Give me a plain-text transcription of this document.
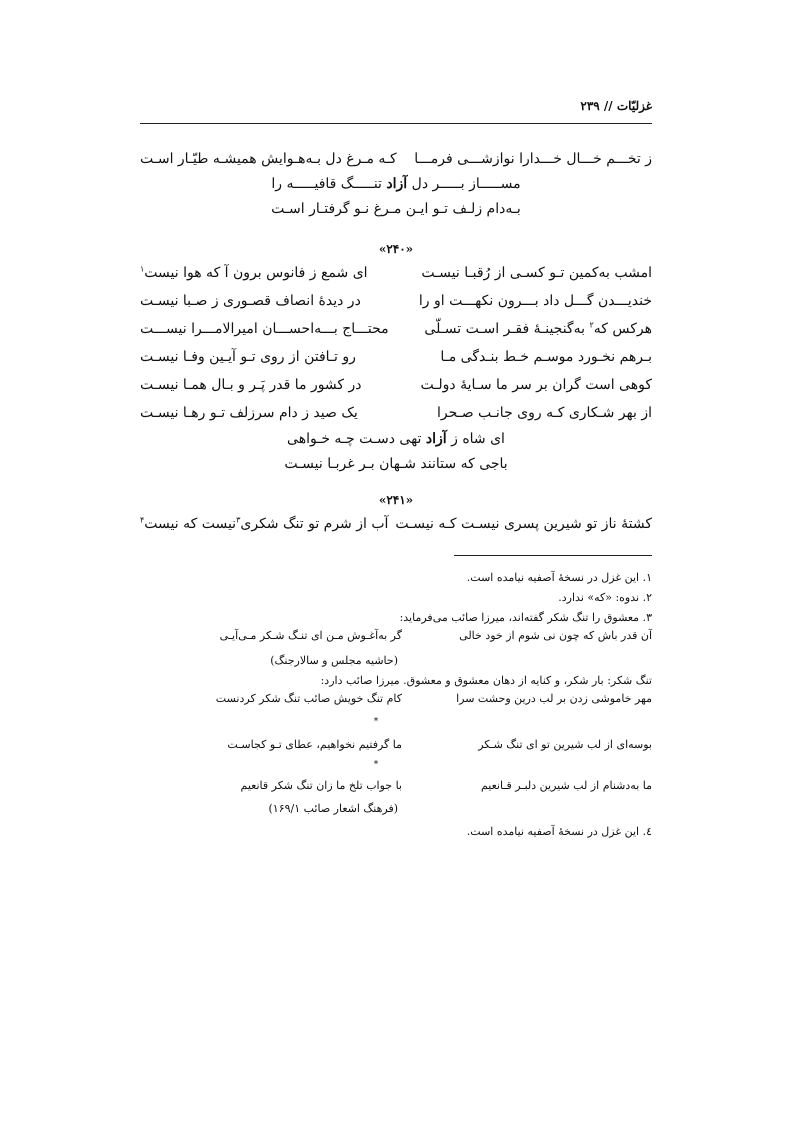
غزلیّات // ۲۳۹
ز تخـــم خـــال خـــدارا نوازشـــی فرمـــا
کـه مـرغ دل بـه‌هـوایش همیشـه طیّـار اسـت
مســـــاز بـــــر دل آزاد تنـــــگ قافیـــــه را
بـه‌دام زلـف تـو ایـن مـرغ نـو گرفتـار اسـت
«۲۴۰»
امشب به‌کمین تـو کسـی از رُقبـا نیسـت
ای شمع ز فانوس برون آ که هوا نیست$^۱$
خندیـــدن گـــل داد بـــرون نکهـــت او را
در دیدۀ انصاف قصـوری ز صـبا نیسـت
هرکس که$^۲$ به‌گنجینـۀ فقـر اسـت تسـلّی
محتـــاج بـــه‌احســـان امیرالامـــرا نیســـت
بـرهم نخـورد موسـم خـط بنـدگی مـا
رو تـافتن از روی تـو آیـین وفـا نیسـت
کوهی است گران بر سر ما سـایۀ دولـت
در کشور ما قدر پَـر و بـال همـا نیسـت
از بهر شـکاری کـه روی جانـب صـحرا
یک صید ز دام سرزلف تـو رهـا نیسـت
ای شاه ز آزاد تهی دسـت چـه خـواهی
باجی که ستانند شـهان بـر غربـا نیسـت
«۲۴۱»
کشتۀ ناز تو شیرین پسری نیسـت کـه نیسـت
آب از شرم تو تنگ شکری$^۳$نیست که نیست$^۴$
۱. این غزل در نسخۀ آصفیه نیامده است.
۲. ندوه: «که» ندارد.
۳. معشوق را تنگ شکر گفته‌اند، میرزا صائب می‌فرماید:
آن قدر باش که چون نی شوم از خود خالی
گر به‌آغـوش مـن ای تنـگ شـکر مـی‌آیـی
(حاشیه مجلس و سالارجنگ)
تنگ شکر: بار شکر، و کنایه از دهان معشوق و معشوق. میرزا صائب دارد:
مهر خاموشی زدن بر لب درین وحشت سرا
کام تنگ خویش صائب تنگ شکر کردنست
*
بوسه‌ای از لب شیرین تو ای تنگ شـکر
ما گرفتیم نخواهیم، عطای تـو کجاسـت
*
ما به‌دشنام از لب شیرین دلبـر قـانعیم
با جواب تلخ ما زان تنگ شکر قانعیم
(فرهنگ اشعار صائب ۱۶۹/۱)
٤. این غزل در نسخۀ آصفیه نیامده است.
